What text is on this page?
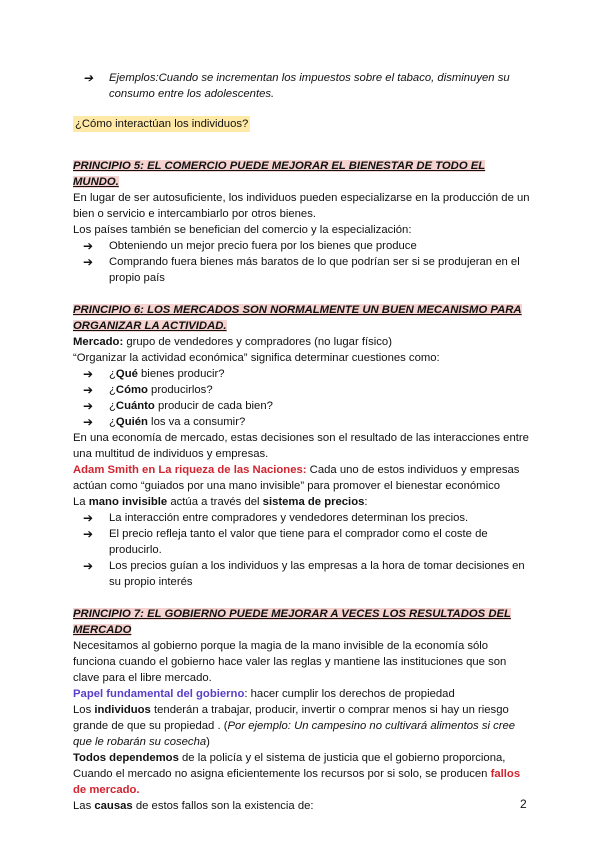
➔ Ejemplos:Cuando se incrementan los impuestos sobre el tabaco, disminuyen su consumo entre los adolescentes.
¿Cómo interactúan los individuos?
PRINCIPIO 5: EL COMERCIO PUEDE MEJORAR EL BIENESTAR DE TODO EL MUNDO.
En lugar de ser autosuficiente, los individuos pueden especializarse en la producción de un bien o servicio e intercambiarlo por otros bienes.
Los países también se benefician del comercio y la especialización:
➔ Obteniendo un mejor precio fuera por los bienes que produce
➔ Comprando fuera bienes más baratos de lo que podrían ser si se produjeran en el propio país
PRINCIPIO 6: LOS MERCADOS SON NORMALMENTE UN BUEN MECANISMO PARA ORGANIZAR LA ACTIVIDAD.
Mercado: grupo de vendedores y compradores (no lugar físico)
“Organizar la actividad económica” significa determinar cuestiones como:
➔ ¿Qué bienes producir?
➔ ¿Cómo producirlos?
➔ ¿Cuánto producir de cada bien?
➔ ¿Quién los va a consumir?
En una economía de mercado, estas decisiones son el resultado de las interacciones entre una multitud de individuos y empresas.
Adam Smith en La riqueza de las Naciones: Cada uno de estos individuos y empresas actúan como “guiados por una mano invisible” para promover el bienestar económico
La mano invisible actúa a través del sistema de precios:
➔ La interacción entre compradores y vendedores determinan los precios.
➔ El precio refleja tanto el valor que tiene para el comprador como el coste de producirlo.
➔ Los precios guían a los individuos y las empresas a la hora de tomar decisiones en su propio interés
PRINCIPIO 7: EL GOBIERNO PUEDE MEJORAR A VECES LOS RESULTADOS DEL MERCADO
Necesitamos al gobierno porque la magia de la mano invisible de la economía sólo funciona cuando el gobierno hace valer las reglas y mantiene las instituciones que son clave para el libre mercado.
Papel fundamental del gobierno: hacer cumplir los derechos de propiedad
Los individuos tenderán a trabajar, producir, invertir o comprar menos si hay un riesgo grande de que su propiedad . (Por ejemplo: Un campesino no cultivará alimentos si cree que le robarán su cosecha)
Todos dependemos de la policía y el sistema de justicia que el gobierno proporciona,
Cuando el mercado no asigna eficientemente los recursos por si solo, se producen fallos de mercado.
Las causas de estos fallos son la existencia de:	2
